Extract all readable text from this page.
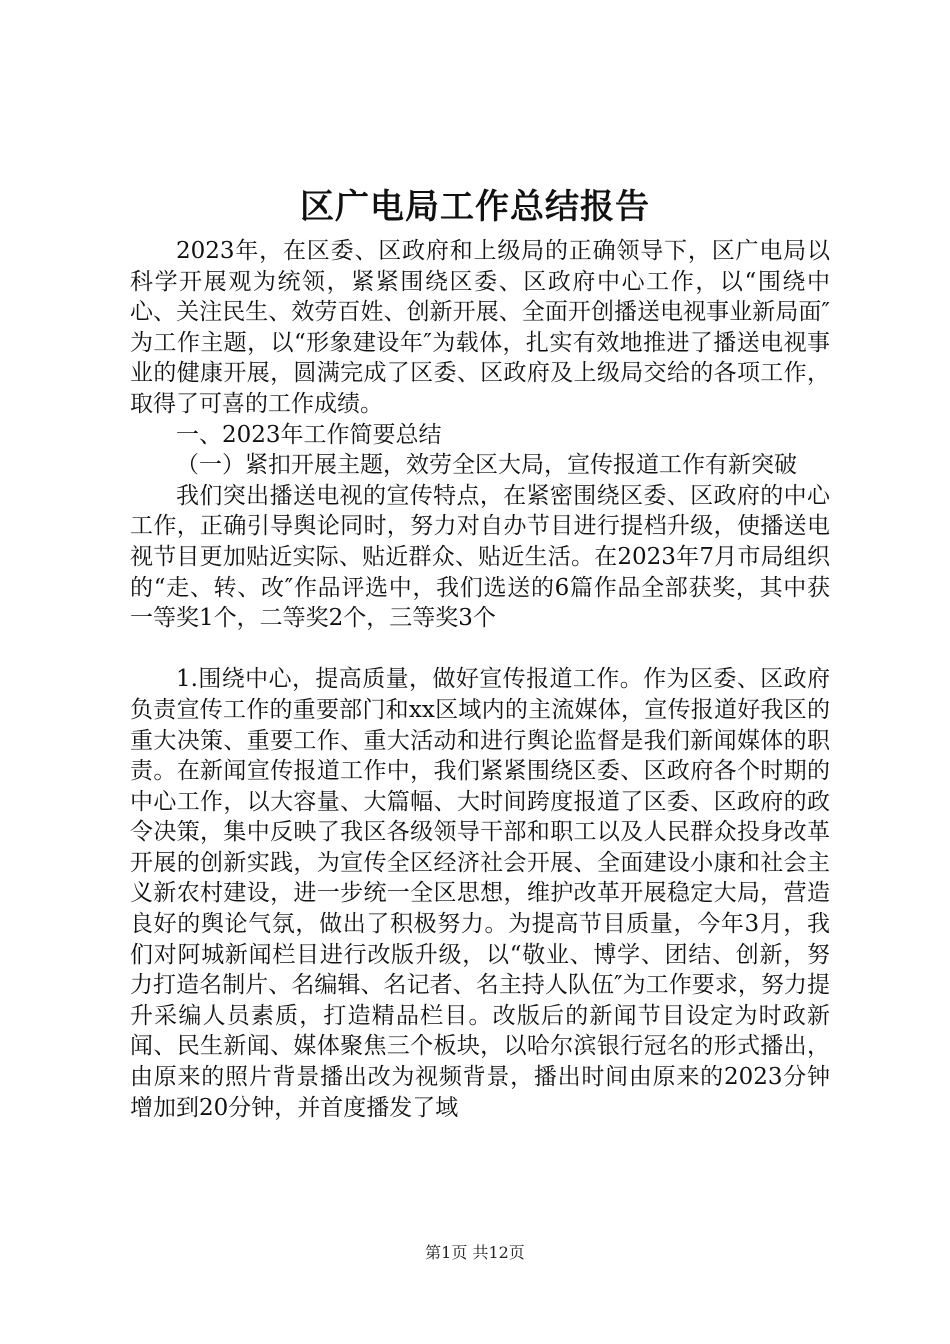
区广电局工作总结报告

2023年，在区委、区政府和上级局的正确领导下，区广电局以科学开展观为统领，紧紧围绕区委、区政府中心工作，以“围绕中心、关注民生、效劳百姓、创新开展、全面开创播送电视事业新局面″为工作主题，以“形象建设年″为载体，扎实有效地推进了播送电视事业的健康开展，圆满完成了区委、区政府及上级局交给的各项工作，取得了可喜的工作成绩。

一、2023年工作简要总结

（一）紧扣开展主题，效劳全区大局，宣传报道工作有新突破

我们突出播送电视的宣传特点，在紧密围绕区委、区政府的中心工作，正确引导舆论同时，努力对自办节目进行提档升级，使播送电视节目更加贴近实际、贴近群众、贴近生活。在2023年7月市局组织的“走、转、改″作品评选中，我们选送的6篇作品全部获奖，其中获一等奖1个，二等奖2个，三等奖3个

1.围绕中心，提高质量，做好宣传报道工作。作为区委、区政府负责宣传工作的重要部门和xx区域内的主流媒体，宣传报道好我区的重大决策、重要工作、重大活动和进行舆论监督是我们新闻媒体的职责。在新闻宣传报道工作中，我们紧紧围绕区委、区政府各个时期的中心工作，以大容量、大篇幅、大时间跨度报道了区委、区政府的政令决策，集中反映了我区各级领导干部和职工以及人民群众投身改革开展的创新实践，为宣传全区经济社会开展、全面建设小康和社会主义新农村建设，进一步统一全区思想，维护改革开展稳定大局，营造良好的舆论气氛，做出了积极努力。为提高节目质量，今年3月，我们对阿城新闻栏目进行改版升级，以“敬业、博学、团结、创新，努力打造名制片、名编辑、名记者、名主持人队伍″为工作要求，努力提升采编人员素质，打造精品栏目。改版后的新闻节目设定为时政新闻、民生新闻、媒体聚焦三个板块，以哈尔滨银行冠名的形式播出，由原来的照片背景播出改为视频背景，播出时间由原来的2023分钟增加到20分钟，并首度播发了域

第1页 共12页
